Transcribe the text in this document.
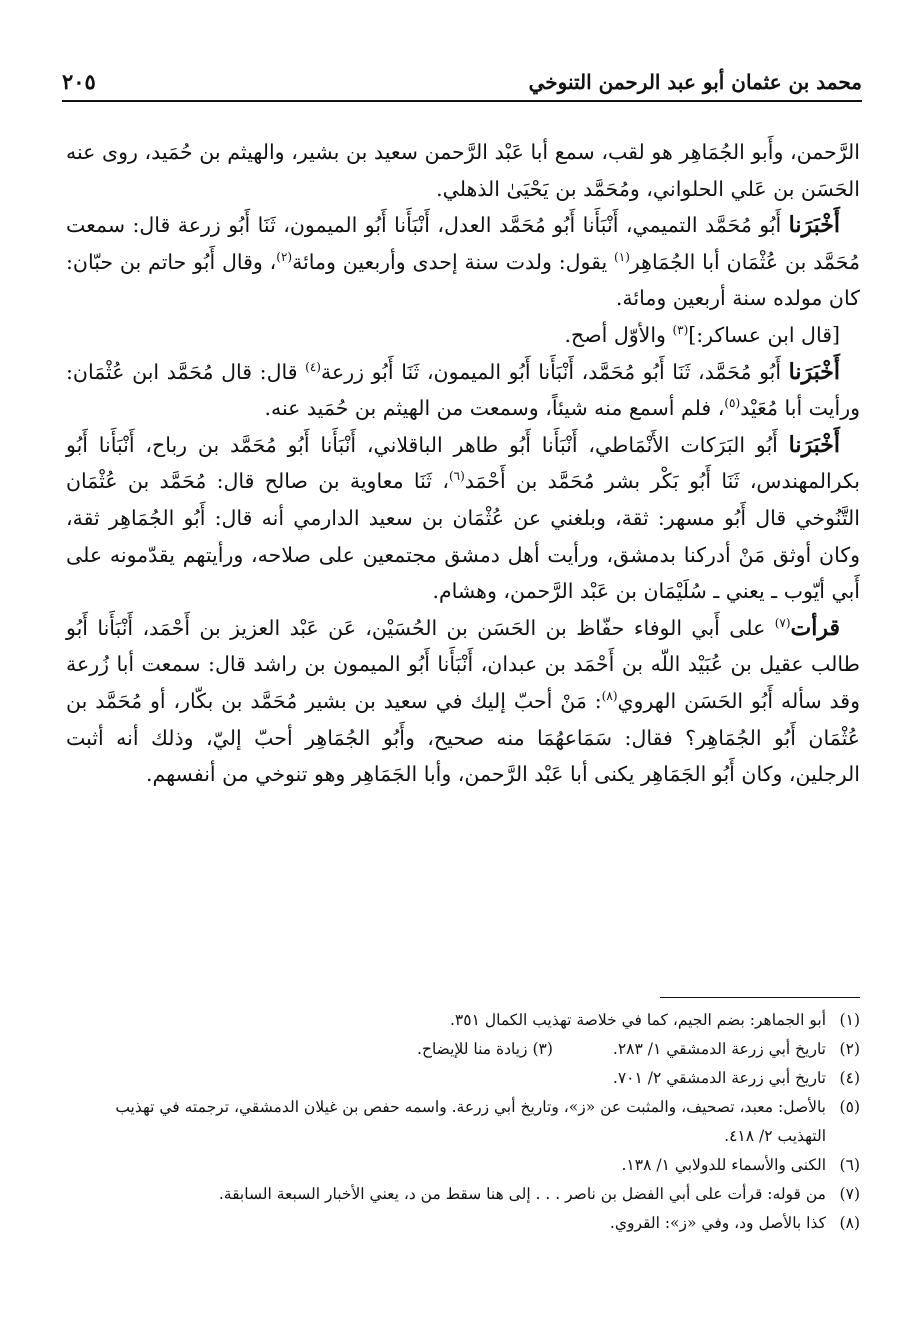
محمد بن عثمان أبو عبد الرحمن التنوخي
٢٠٥

الرَّحمن، وأَبو الجُمَاهِر هو لقب، سمع أبا عَبْد الرَّحمن سعيد بن بشير، والهيثم بن حُمَيد، روى عنه الحَسَن بن عَلي الحلواني، ومُحَمَّد بن يَحْيَىٰ الذهلي.

أَخْبَرَنا أَبُو مُحَمَّد التميمي، أَنْبَأَنا أَبُو مُحَمَّد العدل، أَنْبَأَنا أَبُو الميمون، ثَنَا أَبُو زرعة قال: سمعت مُحَمَّد بن عُثْمَان أبا الجُمَاهِر$^{(١)}$ يقول: ولدت سنة إحدى وأربعين ومائة$^{(٢)}$، وقال أَبُو حاتم بن حبّان: كان مولده سنة أربعين ومائة.

[قال ابن عساكر:]$^{(٣)}$ والأوّل أصح.

أَخْبَرَنا أَبُو مُحَمَّد، ثَنَا أَبُو مُحَمَّد، أَنْبَأَنا أَبُو الميمون، ثَنَا أَبُو زرعة$^{(٤)}$ قال: قال مُحَمَّد ابن عُثْمَان: ورأيت أبا مُعَيْد$^{(٥)}$، فلم أسمع منه شيئاً، وسمعت من الهيثم بن حُمَيد عنه.

أَخْبَرَنا أَبُو البَرَكات الأَنْمَاطي، أَنْبَأَنا أَبُو طاهر الباقلاني، أَنْبَأَنا أَبُو مُحَمَّد بن رباح، أَنْبَأَنا أَبُو بكرالمهندس، ثَنَا أَبُو بَكْر بشر مُحَمَّد بن أَحْمَد$^{(٦)}$، ثَنَا معاوية بن صالح قال: مُحَمَّد بن عُثْمَان التَّنُوخي قال أَبُو مسهر: ثقة، وبلغني عن عُثْمَان بن سعيد الدارمي أنه قال: أَبُو الجُمَاهِر ثقة، وكان أوثق مَنْ أدركنا بدمشق، ورأيت أهل دمشق مجتمعين على صلاحه، ورأيتهم يقدّمونه على أَبي أيّوب ـ يعني ـ سُلَيْمَان بن عَبْد الرَّحمن، وهشام.

قرأت$^{(٧)}$ على أَبي الوفاء حفّاظ بن الحَسَن بن الحُسَيْن، عَن عَبْد العزيز بن أَحْمَد، أَنْبَأَنا أَبُو طالب عقيل بن عُبَيْد اللّه بن أَحْمَد بن عبدان، أَنْبَأَنا أَبُو الميمون بن راشد قال: سمعت أبا زُرعة وقد سأله أَبُو الحَسَن الهروي$^{(٨)}$: مَنْ أحبّ إليك في سعيد بن بشير مُحَمَّد بن بكّار، أو مُحَمَّد بن عُثْمَان أَبُو الجُمَاهِر؟ فقال: سَمَاعهُمَا منه صحيح، وأَبُو الجُمَاهِر أحبّ إليّ، وذلك أنه أثبت الرجلين، وكان أَبُو الجَمَاهِر يكنى أبا عَبْد الرَّحمن، وأبا الجَمَاهِر وهو تنوخي من أنفسهم.

(١)
أبو الجماهر: بضم الجيم، كما في خلاصة تهذيب الكمال ٣٥١.
(٢)
تاريخ أبي زرعة الدمشقي ١/ ٢٨٣.(٣) زيادة منا للإيضاح.
(٤)
تاريخ أبي زرعة الدمشقي ٢/ ٧٠١.
(٥)
بالأصل: معبد، تصحيف، والمثبت عن «ز»، وتاريخ أبي زرعة. واسمه حفص بن غيلان الدمشقي، ترجمته في تهذيب التهذيب ٢/ ٤١٨.
(٦)
الكنى والأسماء للدولابي ١/ ١٣٨.
(٧)
من قوله: قرأت على أبي الفضل بن ناصر . . . إلى هنا سقط من د، يعني الأخبار السبعة السابقة.
(٨)
كذا بالأصل ود، وفي «ز»: القروي.
